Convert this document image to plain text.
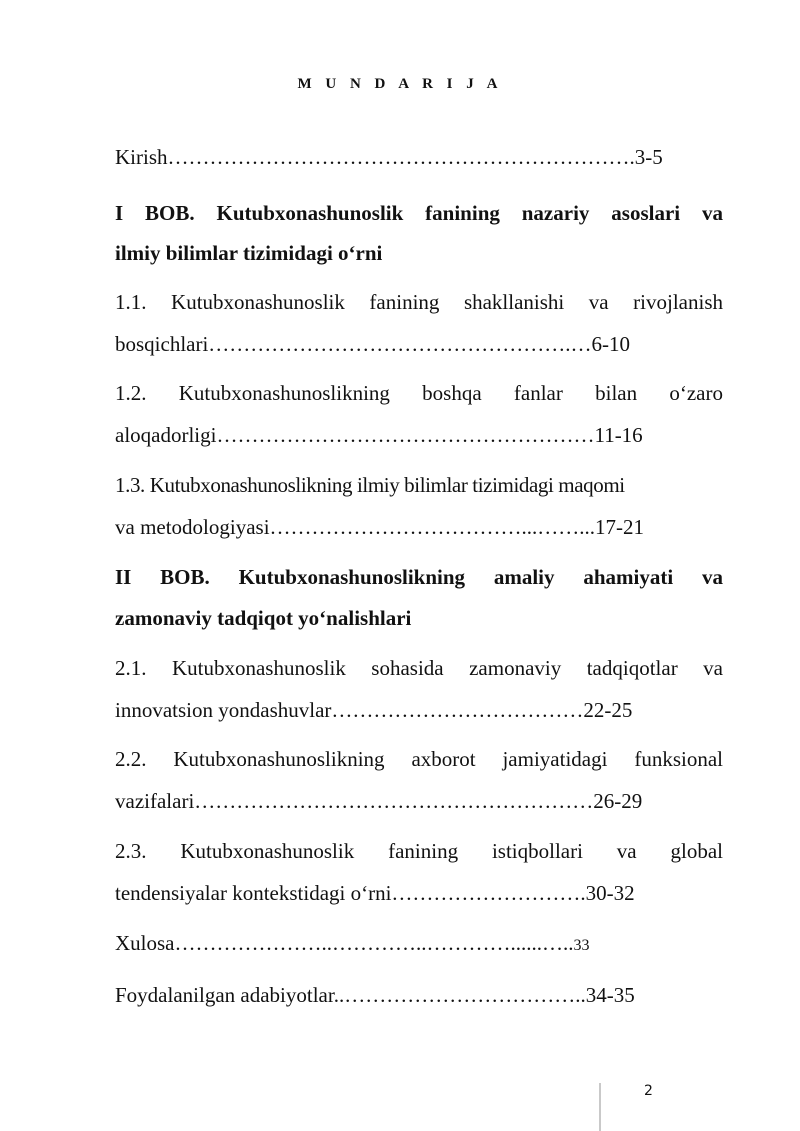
M U N D A R I J A
Kirish………………………………………………………….3-5
I BOB. Kutubxonashunoslik fanining nazariy asoslari va
ilmiy bilimlar tizimidagi o‘rni
1.1. Kutubxonashunoslik fanining shakllanishi va rivojlanish
bosqichlari…………………………………………….…6-10
1.2. Kutubxonashunoslikning boshqa fanlar bilan o‘zaro
aloqadorligi………………………………………………11-16
1.3. Kutubxonashunoslikning ilmiy bilimlar tizimidagi maqomi
va metodologiyasi………………………………...……...17-21
II BOB. Kutubxonashunoslikning amaliy ahamiyati va
zamonaviy tadqiqot yo‘nalishlari
2.1. Kutubxonashunoslik sohasida zamonaviy tadqiqotlar va
innovatsion yondashuvlar………………………………22-25
2.2. Kutubxonashunoslikning axborot jamiyatidagi funksional
vazifalari…………………………………………………26-29
2.3. Kutubxonashunoslik fanining istiqbollari va global
tendensiyalar kontekstidagi o‘rni……………………….30-32
Xulosa…………………..…………..…………......…..33
Foydalanilgan adabiyotlar..……………………………..34-35
2
